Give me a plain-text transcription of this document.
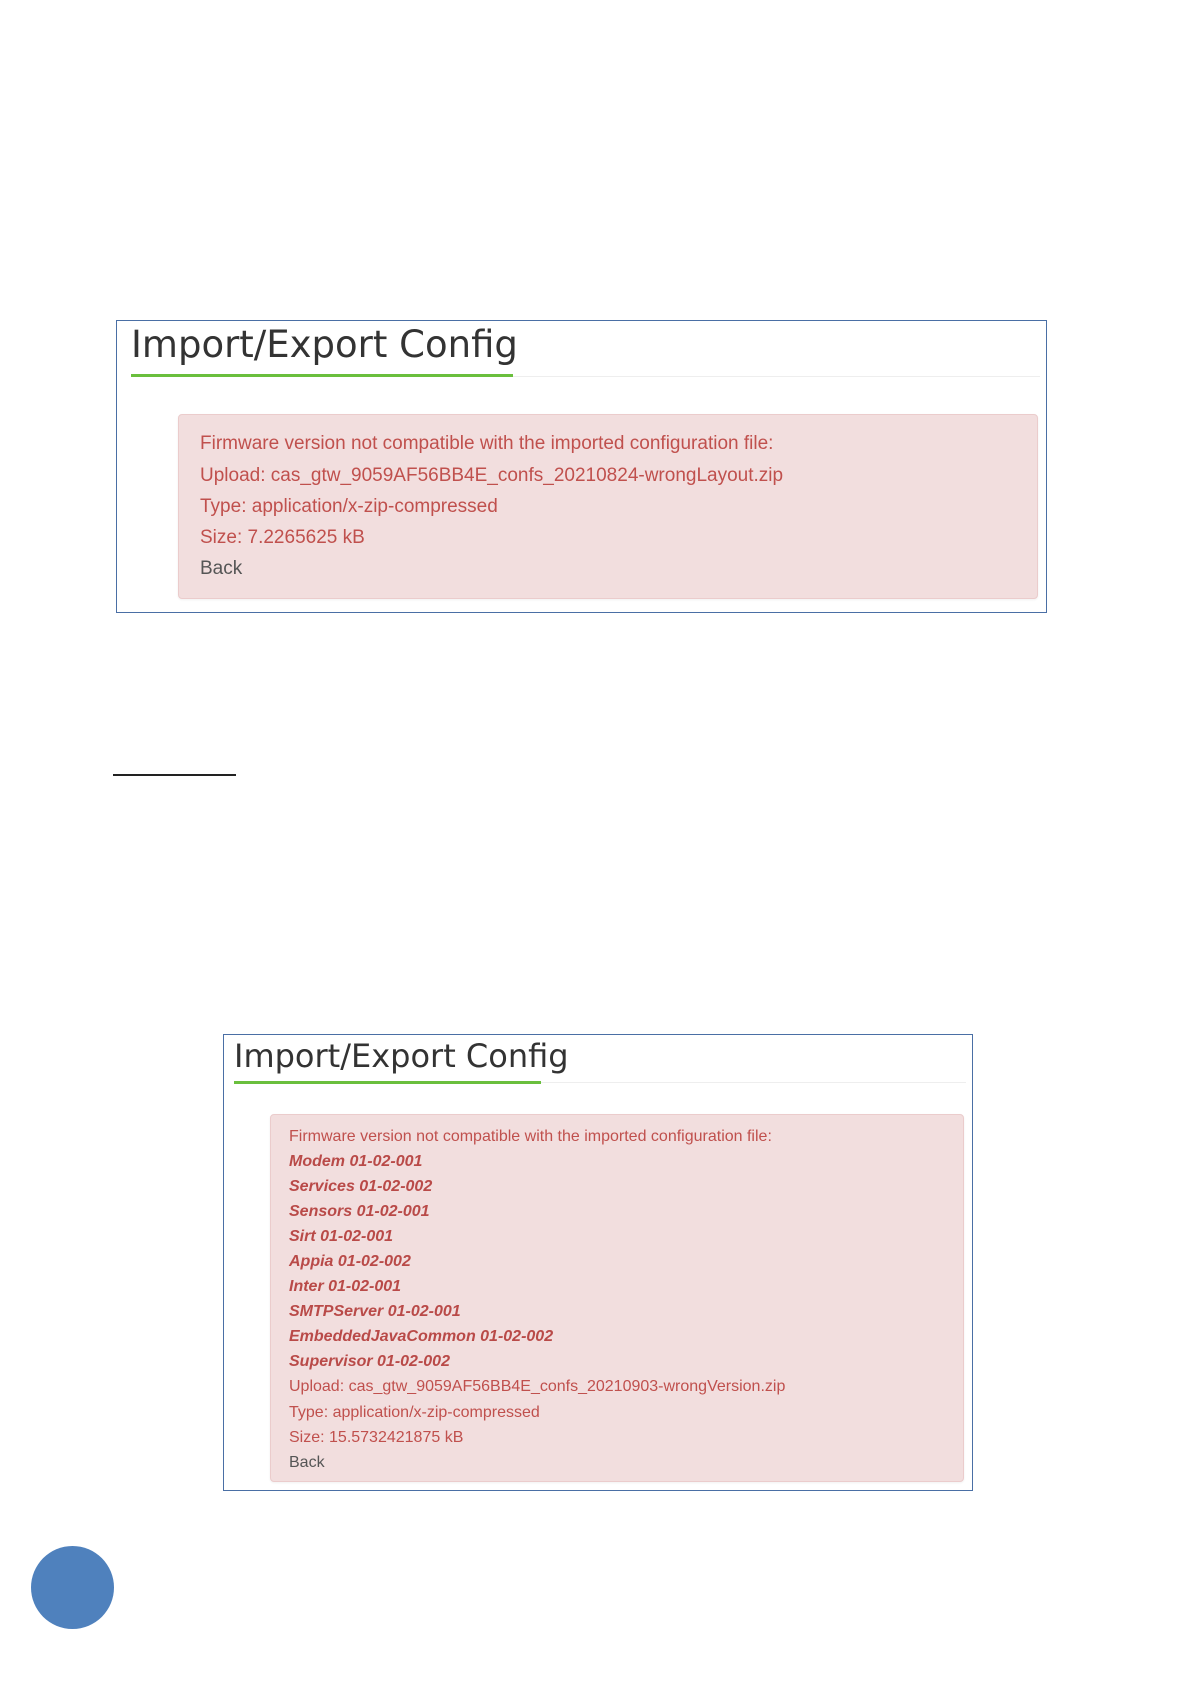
Import/Export Config
Firmware version not compatible with the imported configuration file:
Upload: cas_gtw_9059AF56BB4E_confs_20210824-wrongLayout.zip
Type: application/x-zip-compressed
Size: 7.2265625 kB
Back
Import/Export Config
Firmware version not compatible with the imported configuration file:
Modem 01-02-001
Services 01-02-002
Sensors 01-02-001
Sirt 01-02-001
Appia 01-02-002
Inter 01-02-001
SMTPServer 01-02-001
EmbeddedJavaCommon 01-02-002
Supervisor 01-02-002
Upload: cas_gtw_9059AF56BB4E_confs_20210903-wrongVersion.zip
Type: application/x-zip-compressed
Size: 15.5732421875 kB
Back
